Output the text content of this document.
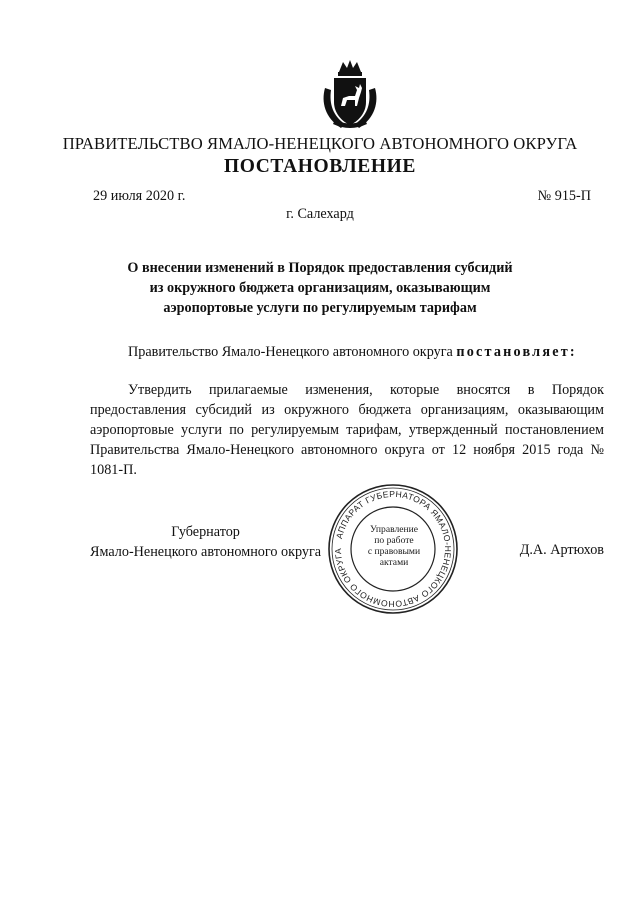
ПРАВИТЕЛЬСТВО ЯМАЛО-НЕНЕЦКОГО АВТОНОМНОГО ОКРУГА
ПОСТАНОВЛЕНИЕ
29 июля 2020 г.	№ 915-П
г. Салехард
О внесении изменений в Порядок предоставления субсидий
из окружного бюджета организациям, оказывающим
аэропортовые услуги по регулируемым тарифам
Правительство Ямало-Ненецкого автономного округа постановляет:
Утвердить прилагаемые изменения, которые вносятся в Порядок предоставления субсидий из окружного бюджета организациям, оказывающим аэропортовые услуги по регулируемым тарифам, утвержденный постановлением Правительства Ямало-Ненецкого автономного округа от 12 ноября 2015 года № 1081-П.
Губернатор
Ямало-Ненецкого автономного округа	Д.А. Артюхов
АППАРАТ ГУБЕРНАТОРА ЯМАЛО-НЕНЕЦКОГО АВТОНОМНОГО ОКРУГА
Управление
по работе
с правовыми
актами
